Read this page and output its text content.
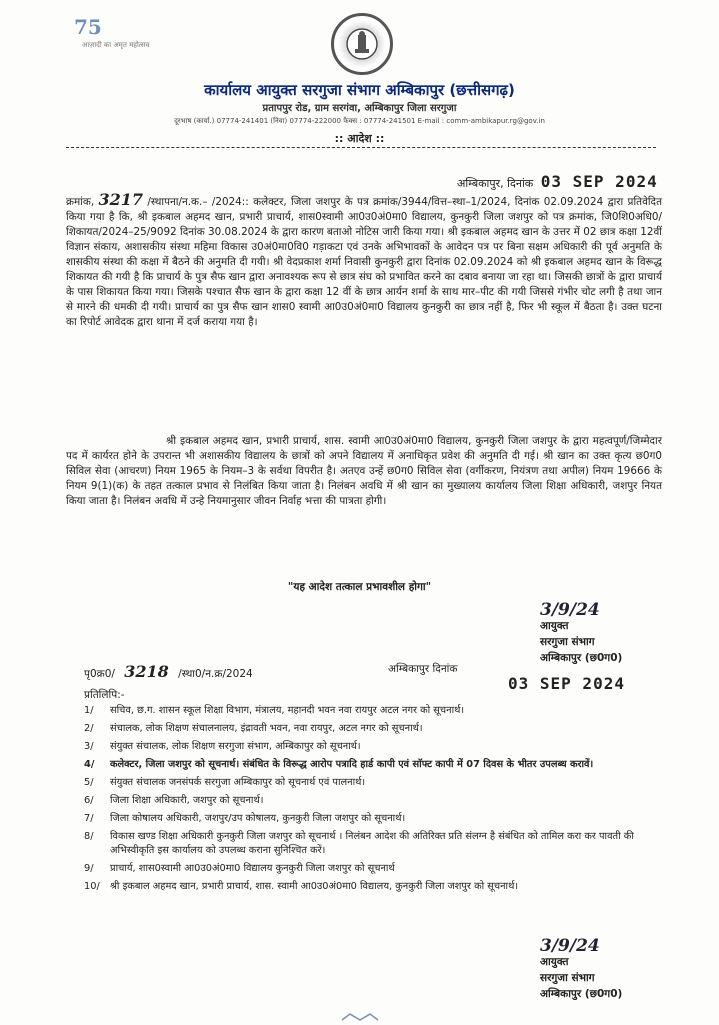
75
आज़ादी का अमृत महोत्सव
कार्यालय आयुक्त सरगुजा संभाग अम्बिकापुर (छत्तीसगढ़)
प्रतापपुर रोड, ग्राम सरगंवा, अम्बिकापुर जिला सरगुजा
दूरभाष (कार्या.) 07774-241401 (निवा) 07774-222000 फैक्स : 07774-241501 E-mail : comm-ambikapur.rg@gov.in
:: आदेश ::
अम्बिकापुर, दिनांक 03 SEP 2024
क्रमांक, 3217 /स्थापना/न.क.– /2024:: कलेक्टर, जिला जशपुर के पत्र क्रमांक/3944/वित्त–स्था–1/2024, दिनांक 02.09.2024 द्वारा प्रतिवेदित किया गया है कि, श्री इकबाल अहमद खान, प्रभारी प्राचार्य, शास0स्वामी आ0उ0अं0मा0 विद्यालय, कुनकुरी जिला जशपुर को पत्र क्रमांक, जि0शि0अधि0/शिकायत/2024–25/9092 दिनांक 30.08.2024 के द्वारा कारण बताओ नोटिस जारी किया गया। श्री इकबाल अहमद खान के उत्तर में 02 छात्र कक्षा 12वीं विज्ञान संकाय, अशासकीय संस्था महिमा विकास उ0अं0मा0वि0 गड़ाकटा एवं उनके अभिभावकों के आवेदन पत्र पर बिना सक्षम अधिकारी की पूर्व अनुमति के शासकीय संस्था की कक्षा में बैठने की अनुमति दी गयी। श्री वेदप्रकाश शर्मा निवासी कुनकुरी द्वारा दिनांक 02.09.2024 को श्री इकबाल अहमद खान के विरूद्ध शिकायत की गयी है कि प्राचार्य के पुत्र सैफ खान द्वारा अनावश्यक रूप से छात्र संघ को प्रभावित करने का दबाव बनाया जा रहा था। जिसकी छात्रों के द्वारा प्राचार्य के पास शिकायत किया गया। जिसके पश्चात सैफ खान के द्वारा कक्षा 12 वीं के छात्र आर्यन शर्मा के साथ मार–पीट की गयी जिससे गंभीर चोट लगी है तथा जान से मारने की धमकी दी गयी। प्राचार्य का पुत्र सैफ खान शास0 स्वामी आ0उ0अं0मा0 विद्यालय कुनकुरी का छात्र नहीं है, फिर भी स्कूल में बैठता है। उक्त घटना का रिपोर्ट आवेदक द्वारा थाना में दर्ज कराया गया है।
श्री इकबाल अहमद खान, प्रभारी प्राचार्य, शास. स्वामी आ0उ0अं0मा0 विद्यालय, कुनकुरी जिला जशपुर के द्वारा महत्वपूर्ण/जिम्मेदार पद में कार्यरत होने के उपरान्त भी अशासकीय विद्यालय के छात्रों को अपने विद्यालय में अनाधिकृत प्रवेश की अनुमति दी गई। श्री खान का उक्त कृत्य छ0ग0 सिविल सेवा (आचरण) नियम 1965 के नियम–3 के सर्वथा विपरीत है। अतएव उन्हें छ0ग0 सिविल सेवा (वर्गीकरण, नियंत्रण तथा अपील) नियम 19666 के नियम 9(1)(क) के तहत तत्काल प्रभाव से निलंबित किया जाता है। निलंबन अवधि में श्री खान का मुख्यालय कार्यालय जिला शिक्षा अधिकारी, जशपुर नियत किया जाता है। निलंबन अवधि में उन्हे नियमानुसार जीवन निर्वाह भत्ता की पात्रता होगी।
"यह आदेश तत्काल प्रभावशील होगा"
3/9/24
आयुक्त
सरगुजा संभाग
अम्बिकापुर (छ0ग0)
पृ0क्र0/ 3218 /स्था0/न.क्र/2024	अम्बिकापुर दिनांक
03 SEP 2024
प्रतिलिपि:-
1/	सचिव, छ.ग. शासन स्कूल शिक्षा विभाग, मंत्रालय, महानदी भवन नवा रायपुर अटल नगर को सूचनार्थ।
2/	संचालक, लोक शिक्षण संचालनालय, इंद्रावती भवन, नवा रायपुर, अटल नगर को सूचनार्थ।
3/	संयुक्त संचालक, लोक शिक्षण सरगुजा संभाग, अम्बिकापुर को सूचनार्थ।
4/	कलेक्टर, जिला जशपुर को सूचनार्थ। संबंधित के विरूद्ध आरोप पत्रादि हार्ड कापी एवं साॅफ्ट कापी में 07 दिवस के भीतर उपलब्ध करावें।
5/	संयुक्त संचालक जनसंपर्क सरगुजा अम्बिकापुर को सूचनार्थ एवं पालनार्थ।
6/	जिला शिक्षा अधिकारी, जशपुर को सूचनार्थ।
7/	जिला कोषालय अधिकारी, जशपुर/उप कोषालय, कुनकुरी जिला जशपुर को सूचनार्थ।
8/	विकास खण्ड शिक्षा अधिकारी कुनकुरी जिला जशपुर को सूचनार्थ । निलंबन आदेश की अतिरिक्त प्रति संलग्न है संबंधित को तामिल करा कर पावती की अभिस्वीकृति इस कार्यालय को उपलब्ध कराना सुनिश्चित करें।
9/	प्राचार्य, शास0स्वामी आ0उ0अं0मा0 विद्यालय कुनकुरी जिला जशपुर को सूचनार्थ
10/	श्री इकबाल अहमद खान, प्रभारी प्राचार्य, शास. स्वामी आ0उ0अं0मा0 विद्यालय, कुनकुरी जिला जशपुर को सूचनार्थ।
3/9/24
आयुक्त
सरगुजा संभाग
अम्बिकापुर (छ0ग0)
